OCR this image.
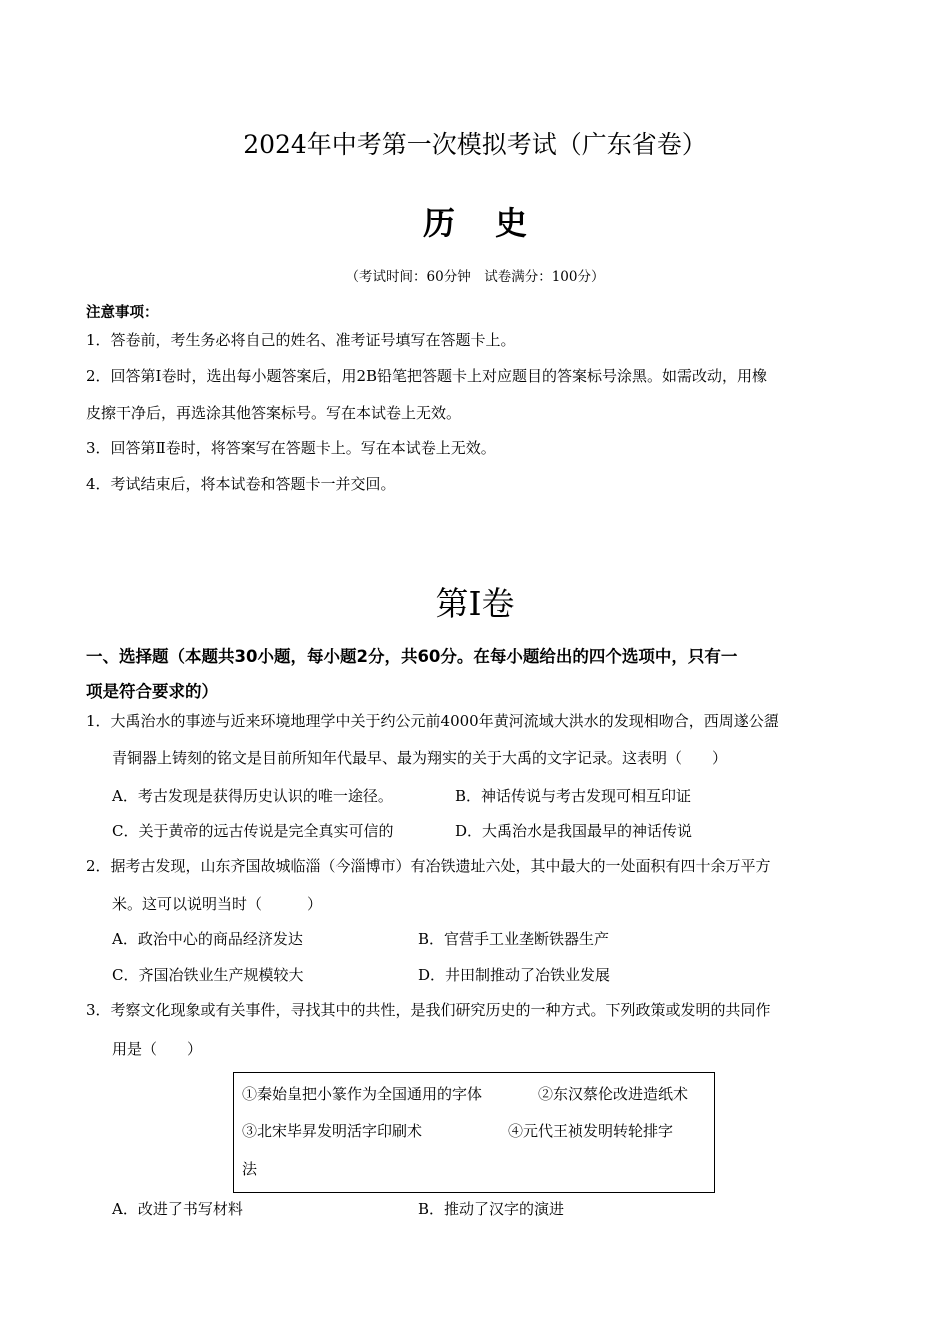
2024年中考第一次模拟考试（广东省卷）
历史
（考试时间：60分钟　试卷满分：100分）
注意事项：
1．答卷前，考生务必将自己的姓名、准考证号填写在答题卡上。
2．回答第Ⅰ卷时，选出每小题答案后，用2B铅笔把答题卡上对应题目的答案标号涂黑。如需改动，用橡
皮擦干净后，再选涂其他答案标号。写在本试卷上无效。
3．回答第Ⅱ卷时，将答案写在答题卡上。写在本试卷上无效。
4．考试结束后，将本试卷和答题卡一并交回。
第Ⅰ卷
一、选择题（本题共30小题，每小题2分，共60分。在每小题给出的四个选项中，只有一
项是符合要求的）
1．大禹治水的事迹与近来环境地理学中关于约公元前4000年黄河流域大洪水的发现相吻合，西周遂公盨
青铜器上铸刻的铭文是目前所知年代最早、最为翔实的关于大禹的文字记录。这表明（　　）
A．考古发现是获得历史认识的唯一途径。	B．神话传说与考古发现可相互印证
C．关于黄帝的远古传说是完全真实可信的	D．大禹治水是我国最早的神话传说
2．据考古发现，山东齐国故城临淄（今淄博市）有冶铁遗址六处，其中最大的一处面积有四十余万平方
米。这可以说明当时（　　　）
A．政治中心的商品经济发达	B．官营手工业垄断铁器生产
C．齐国冶铁业生产规模较大	D．井田制推动了冶铁业发展
3．考察文化现象或有关事件，寻找其中的共性，是我们研究历史的一种方式。下列政策或发明的共同作
用是（　　）
①秦始皇把小篆作为全国通用的字体	②东汉蔡伦改进造纸术
③北宋毕昇发明活字印刷术	④元代王祯发明转轮排字
法
A．改进了书写材料	B．推动了汉字的演进
